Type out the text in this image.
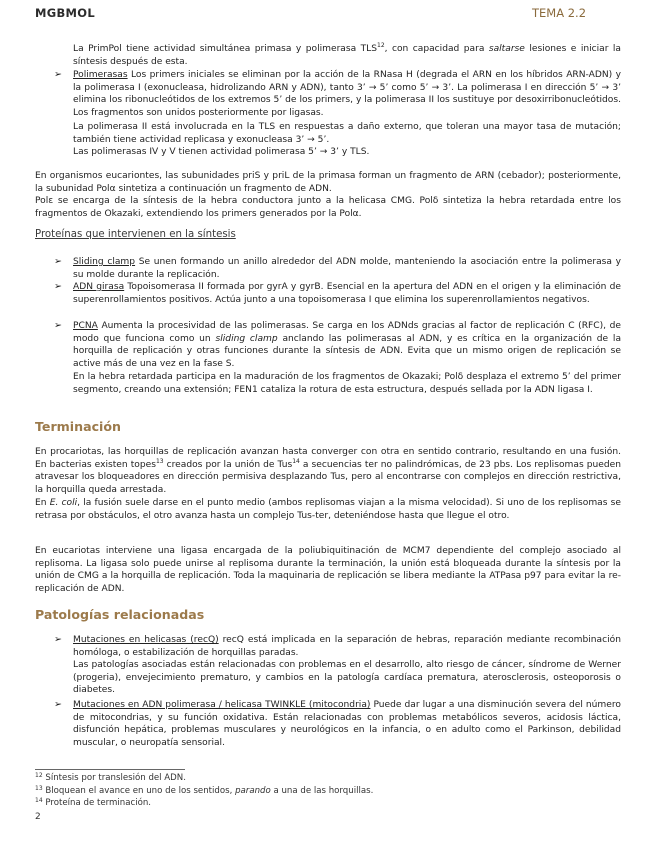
MGBMOL	TEMA 2.2

La PrimPol tiene actividad simultánea primasa y polimerasa TLS$^{12}$, con capacidad para saltarse lesiones e iniciar la síntesis después de esta.

➢ Polimerasas Los primers iniciales se eliminan por la acción de la RNasa H (degrada el ARN en los híbridos ARN-ADN) y la polimerasa I (exonucleasa, hidrolizando ARN y ADN), tanto 3’ → 5’ como 5’ → 3’. La polimerasa I en dirección 5’ → 3’ elimina los ribonucleótidos de los extremos 5’ de los primers, y la polimerasa II los sustituye por desoxirribonucleótidos. Los fragmentos son unidos posteriormente por ligasas.

La polimerasa II está involucrada en la TLS en respuestas a daño externo, que toleran una mayor tasa de mutación; también tiene actividad replicasa y exonucleasa 3’ → 5’.

Las polimerasas IV y V tienen actividad polimerasa 5’ → 3’ y TLS.

En organismos eucariontes, las subunidades priS y priL de la primasa forman un fragmento de ARN (cebador); posteriormente, la subunidad Polα sintetiza a continuación un fragmento de ADN.

Polε se encarga de la síntesis de la hebra conductora junto a la helicasa CMG. Polδ sintetiza la hebra retardada entre los fragmentos de Okazaki, extendiendo los primers generados por la Polα.

Proteínas que intervienen en la síntesis
➢ Sliding clamp Se unen formando un anillo alrededor del ADN molde, manteniendo la asociación entre la polimerasa y su molde durante la replicación.

➢ ADN girasa Topoisomerasa II formada por gyrA y gyrB. Esencial en la apertura del ADN en el origen y la eliminación de superenrollamientos positivos. Actúa junto a una topoisomerasa I que elimina los superenrollamientos negativos.

➢ PCNA Aumenta la procesividad de las polimerasas. Se carga en los ADNds gracias al factor de replicación C (RFC), de modo que funciona como un sliding clamp anclando las polimerasas al ADN, y es crítica en la organización de la horquilla de replicación y otras funciones durante la síntesis de ADN. Evita que un mismo origen de replicación se active más de una vez en la fase S.

En la hebra retardada participa en la maduración de los fragmentos de Okazaki; Polδ desplaza el extremo 5’ del primer segmento, creando una extensión; FEN1 cataliza la rotura de esta estructura, después sellada por la ADN ligasa I.

Terminación

En procariotas, las horquillas de replicación avanzan hasta converger con otra en sentido contrario, resultando en una fusión. En bacterias existen topes$^{13}$ creados por la unión de Tus$^{14}$ a secuencias ter no palindrómicas, de 23 pbs. Los replisomas pueden atravesar los bloqueadores en dirección permisiva desplazando Tus, pero al encontrarse con complejos en dirección restrictiva, la horquilla queda arrestada.

En E. coli, la fusión suele darse en el punto medio (ambos replisomas viajan a la misma velocidad). Si uno de los replisomas se retrasa por obstáculos, el otro avanza hasta un complejo Tus-ter, deteniéndose hasta que llegue el otro.

En eucariotas interviene una ligasa encargada de la poliubiquitinación de MCM7 dependiente del complejo asociado al replisoma. La ligasa solo puede unirse al replisoma durante la terminación, la unión está bloqueada durante la síntesis por la unión de CMG a la horquilla de replicación. Toda la maquinaria de replicación se libera mediante la ATPasa p97 para evitar la re-replicación de ADN.

Patologías relacionadas
➢ Mutaciones en helicasas (recQ) recQ está implicada en la separación de hebras, reparación mediante recombinación homóloga, o estabilización de horquillas paradas.

Las patologías asociadas están relacionadas con problemas en el desarrollo, alto riesgo de cáncer, síndrome de Werner (progeria), envejecimiento prematuro, y cambios en la patología cardíaca prematura, aterosclerosis, osteoporosis o diabetes.

➢ Mutaciones en ADN polimerasa / helicasa TWINKLE (mitocondria) Puede dar lugar a una disminución severa del número de mitocondrias, y su función oxidativa. Están relacionadas con problemas metabólicos severos, acidosis láctica, disfunción hepática, problemas musculares y neurológicos en la infancia, o en adulto como el Parkinson, debilidad muscular, o neuropatía sensorial.

$^{12}$ Síntesis por translesión del ADN.
$^{13}$ Bloquean el avance en uno de los sentidos, parando a una de las horquillas.
$^{14}$ Proteína de terminación.
2
